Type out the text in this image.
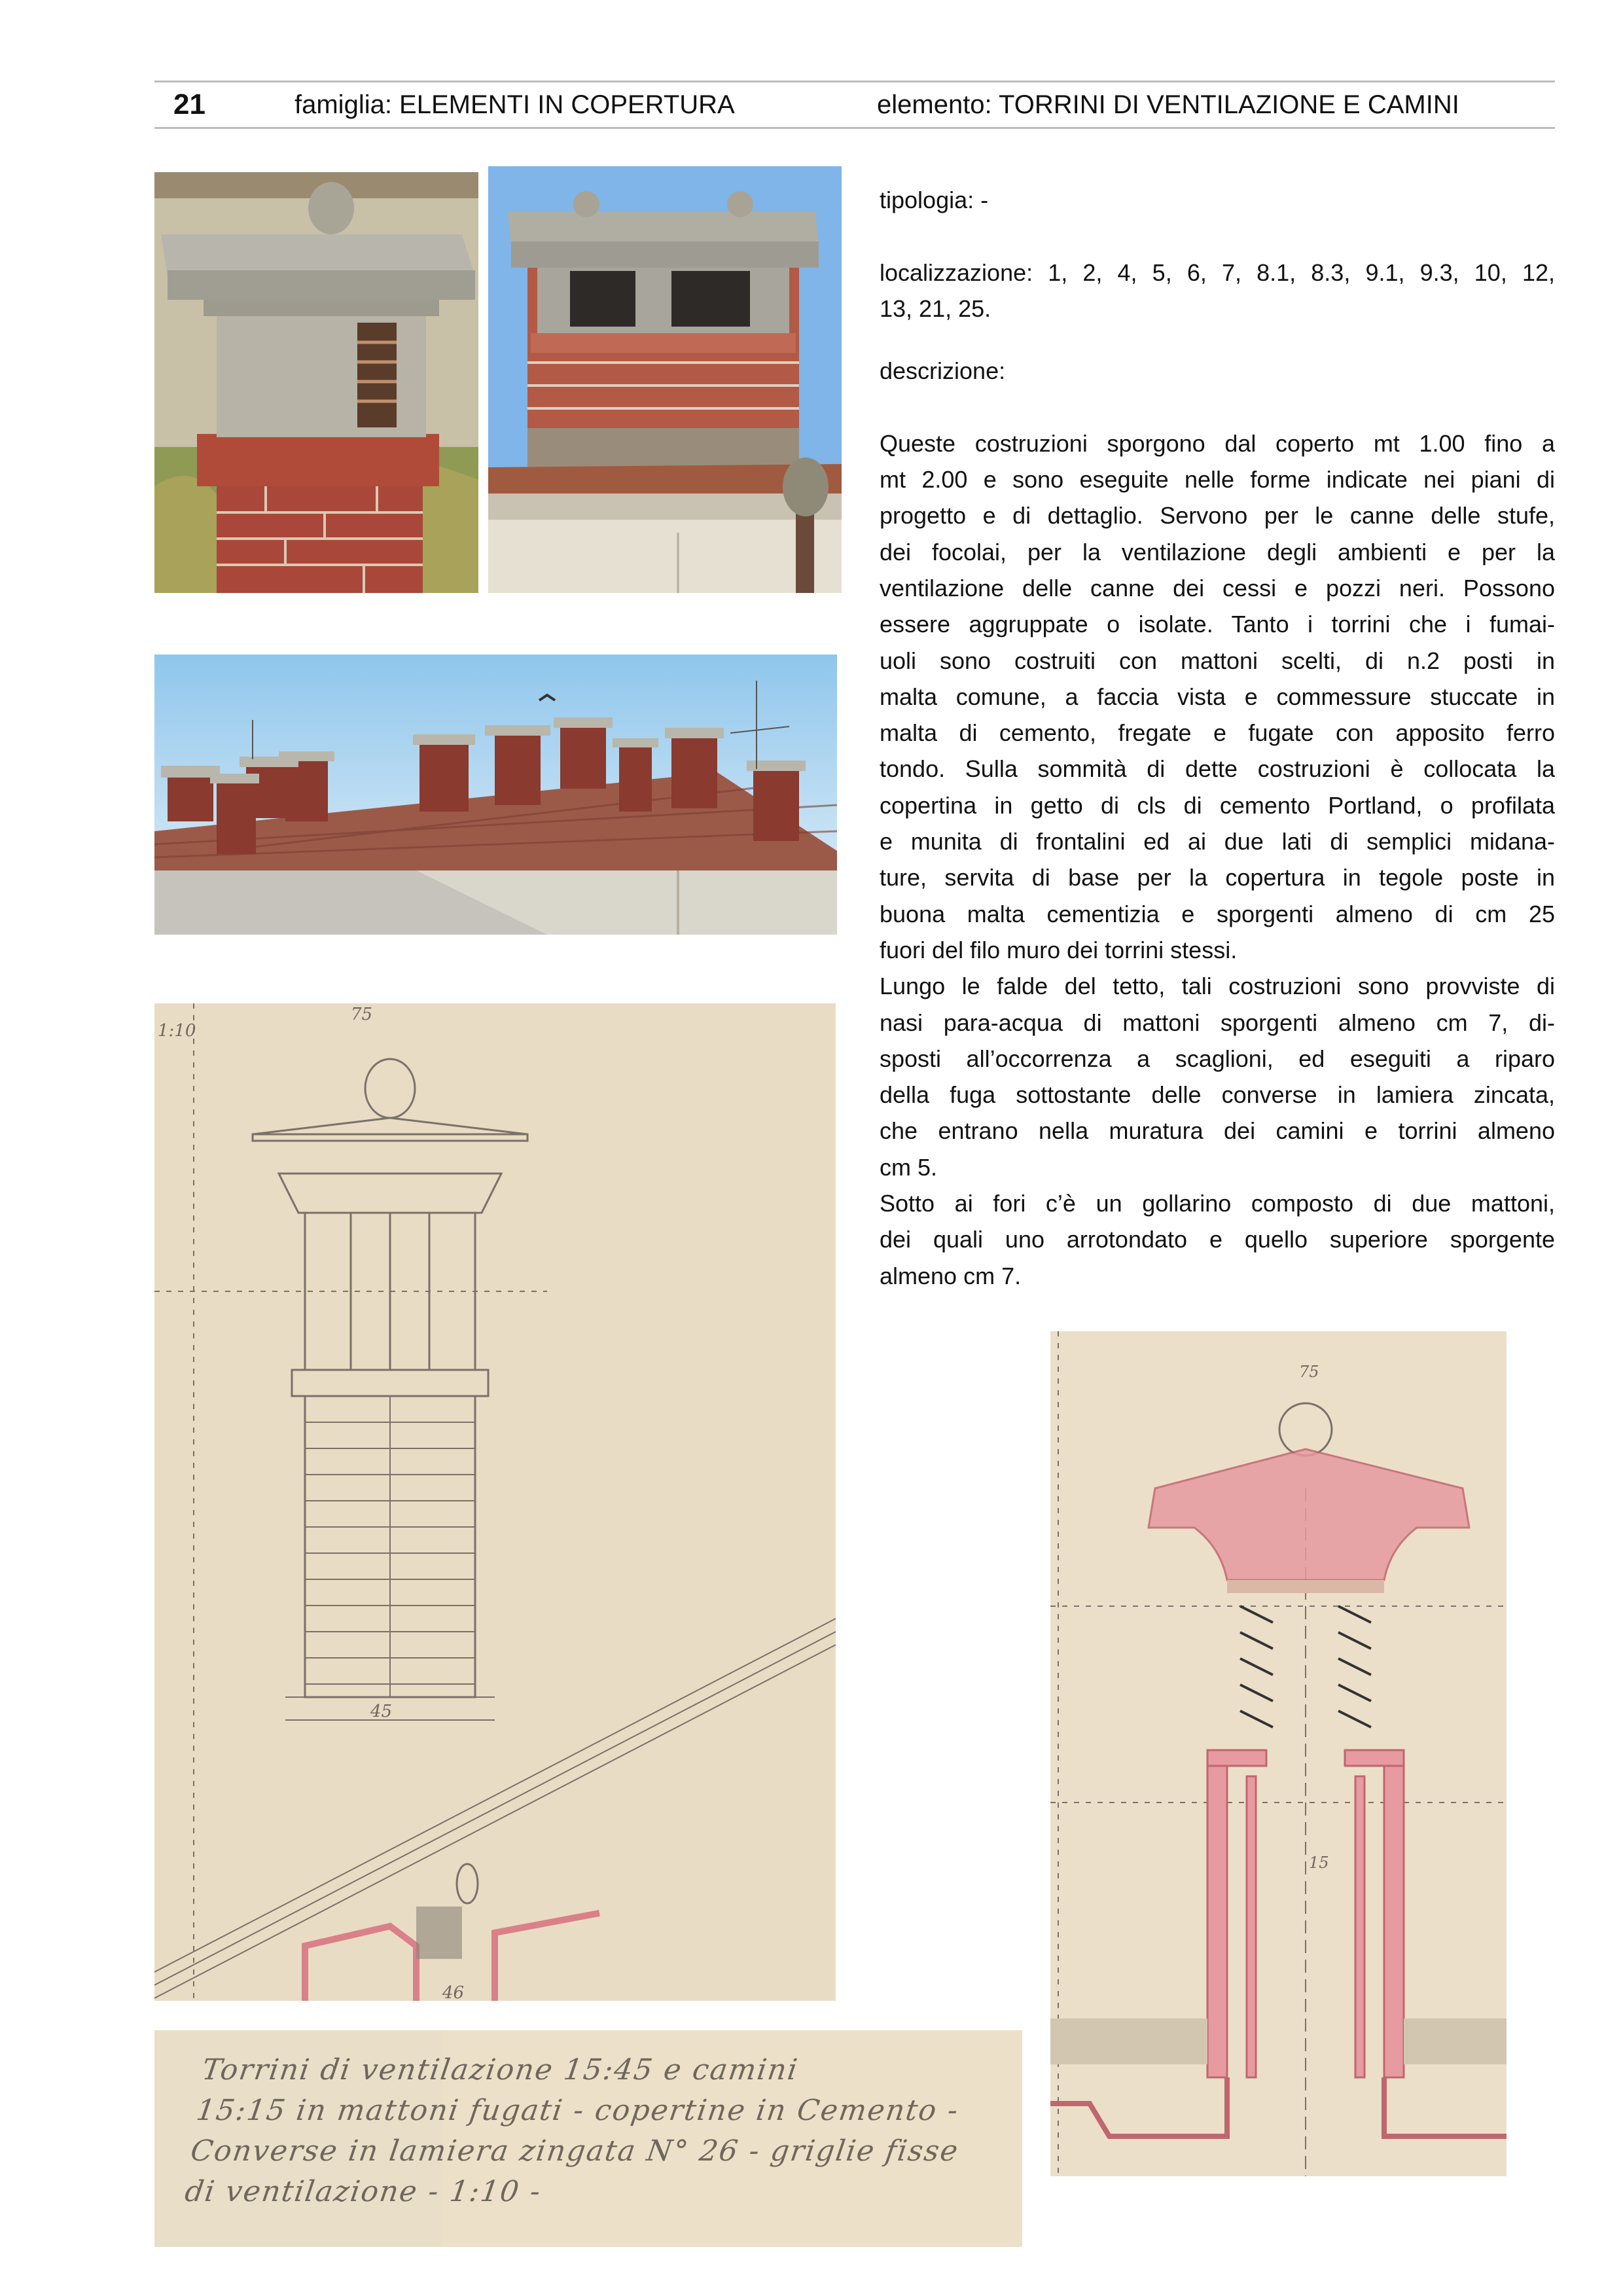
21	famiglia: ELEMENTI IN COPERTURA	elemento: TORRINI DI VENTILAZIONE E CAMINI
1:10
75
45
46
Torrini di ventilazione 15:45 e camini
15:15 in mattoni fugati - copertine in Cemento -
Converse in lamiera zingata N° 26 - griglie fisse
di ventilazione - 1:10 -
75
15
tipologia: -
localizzazione: 1, 2, 4, 5, 6, 7, 8.1, 8.3, 9.1, 9.3, 10, 12,
13, 21, 25.
descrizione:
Queste costruzioni sporgono dal coperto mt 1.00 fino a
mt 2.00 e sono eseguite nelle forme indicate nei piani di
progetto e di dettaglio. Servono per le canne delle stufe,
dei focolai, per la ventilazione degli ambienti e per la
ventilazione delle canne dei cessi e pozzi neri. Possono
essere aggruppate o isolate. Tanto i torrini che i fumai-
uoli sono costruiti con mattoni scelti, di n.2 posti in
malta comune, a faccia vista e commessure stuccate in
malta di cemento, fregate e fugate con apposito ferro
tondo. Sulla sommità di dette costruzioni è collocata la
copertina in getto di cls di cemento Portland, o profilata
e munita di frontalini ed ai due lati di semplici midana-
ture, servita di base per la copertura in tegole poste in
buona malta cementizia e sporgenti almeno di cm 25
fuori del filo muro dei torrini stessi.
Lungo le falde del tetto, tali costruzioni sono provviste di
nasi para-acqua di mattoni sporgenti almeno cm 7, di-
sposti all’occorrenza a scaglioni, ed eseguiti a riparo
della fuga sottostante delle converse in lamiera zincata,
che entrano nella muratura dei camini e torrini almeno
cm 5.
Sotto ai fori c’è un gollarino composto di due mattoni,
dei quali uno arrotondato e quello superiore sporgente
almeno cm 7.
